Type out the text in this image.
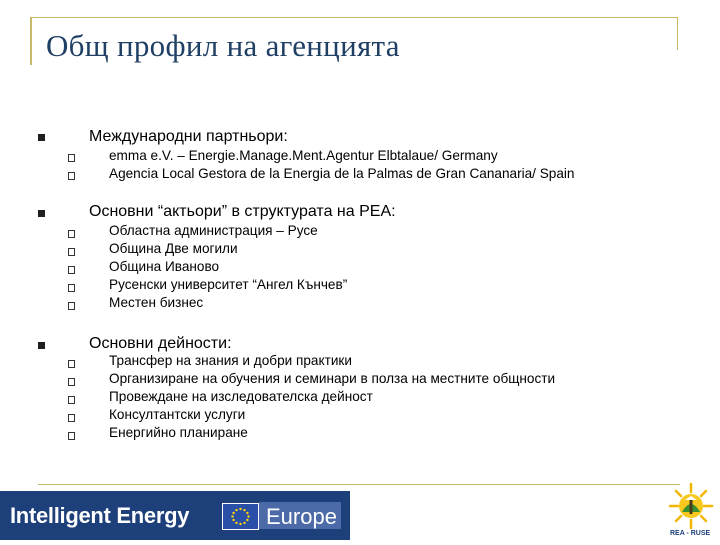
Общ профил на агенцията
Международни партньори:
emma e.V. – Energie.Manage.Ment.Agentur Elbtalaue/ Germany
Agencia Local Gestora de la Energia de la Palmas de Gran Cananaria/ Spain
Основни “актьори” в структурата на РЕА:
Областна администрация – Русе
Община Две могили
Община Иваново
Русенски университет “Ангел Кънчев”
Местен бизнес
Основни дейности:
Трансфер на знания и добри практики
Организиране на обучения и семинари в полза на местните общности
Провеждане на изследователска дейност
Консултантски услуги
Енергийно планиране
Intelligent Energy	Europe
REA - RUSE
